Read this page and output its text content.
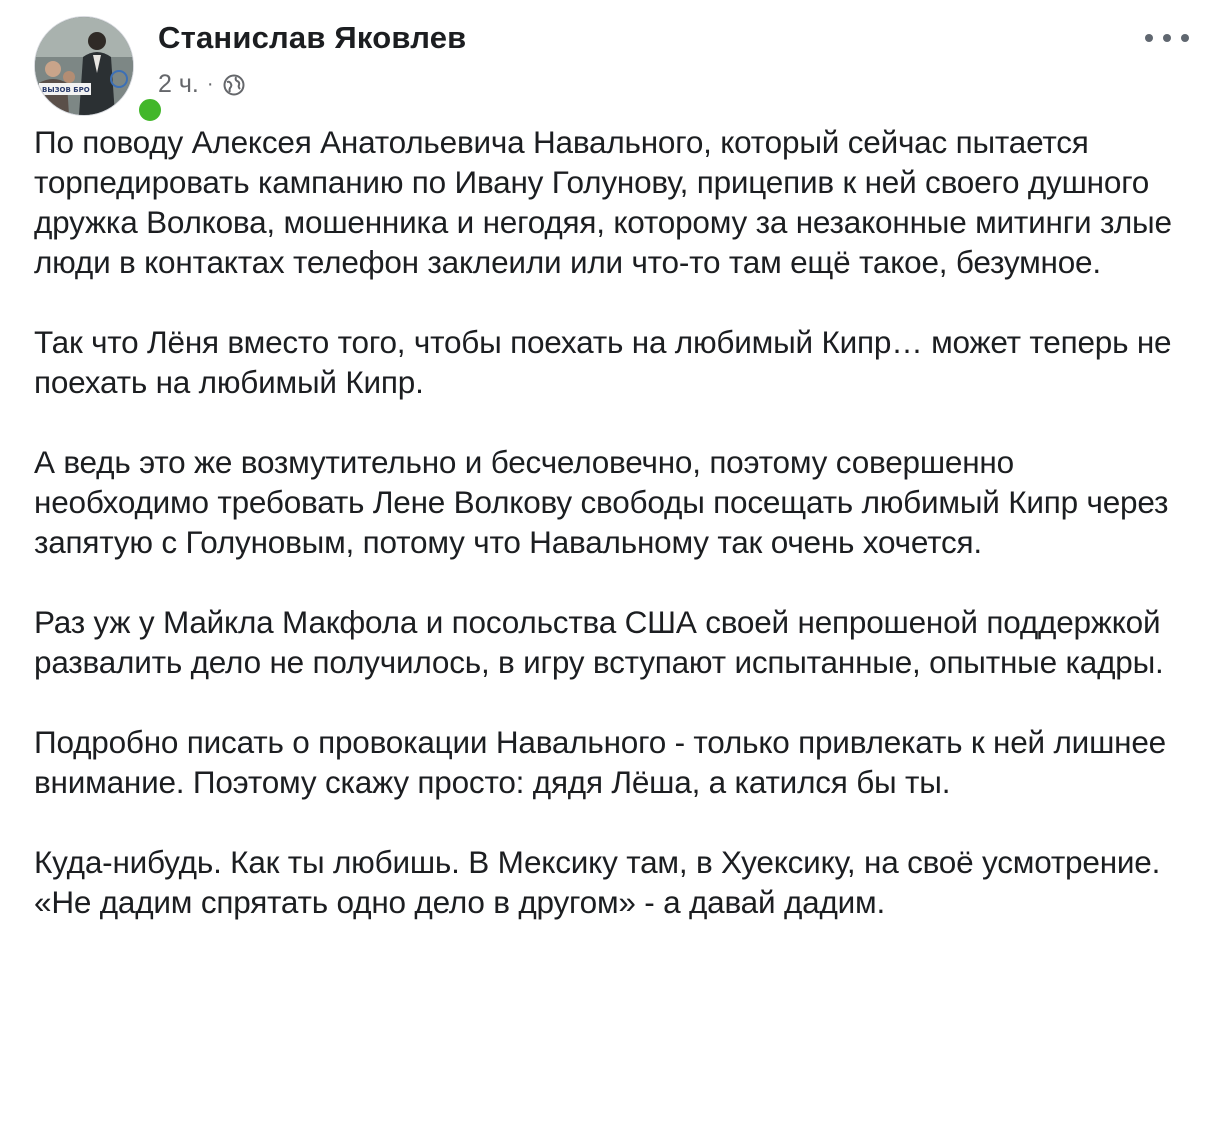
ВЫЗОВ БРО
Станислав Яковлев
2 ч. ·

По поводу Алексея Анатольевича Навального, который сейчас пытается торпедировать кампанию по Ивану Голунову, прицепив к ней своего душного дружка Волкова, мошенника и негодяя, которому за незаконные митинги злые люди в контактах телефон заклеили или что-то там ещё такое, безумное.

Так что Лёня вместо того, чтобы поехать на любимый Кипр… может теперь не поехать на любимый Кипр.

А ведь это же возмутительно и бесчеловечно, поэтому совершенно необходимо требовать Лене Волкову свободы посещать любимый Кипр через запятую с Голуновым, потому что Навальному так очень хочется.

Раз уж у Майкла Макфола и посольства США своей непрошеной поддержкой развалить дело не получилось, в игру вступают испытанные, опытные кадры.

Подробно писать о провокации Навального - только привлекать к ней лишнее внимание. Поэтому скажу просто: дядя Лёша, а катился бы ты.

Куда-нибудь. Как ты любишь. В Мексику там, в Хуексику, на своё усмотрение. «Не дадим спрятать одно дело в другом» - а давай дадим.
